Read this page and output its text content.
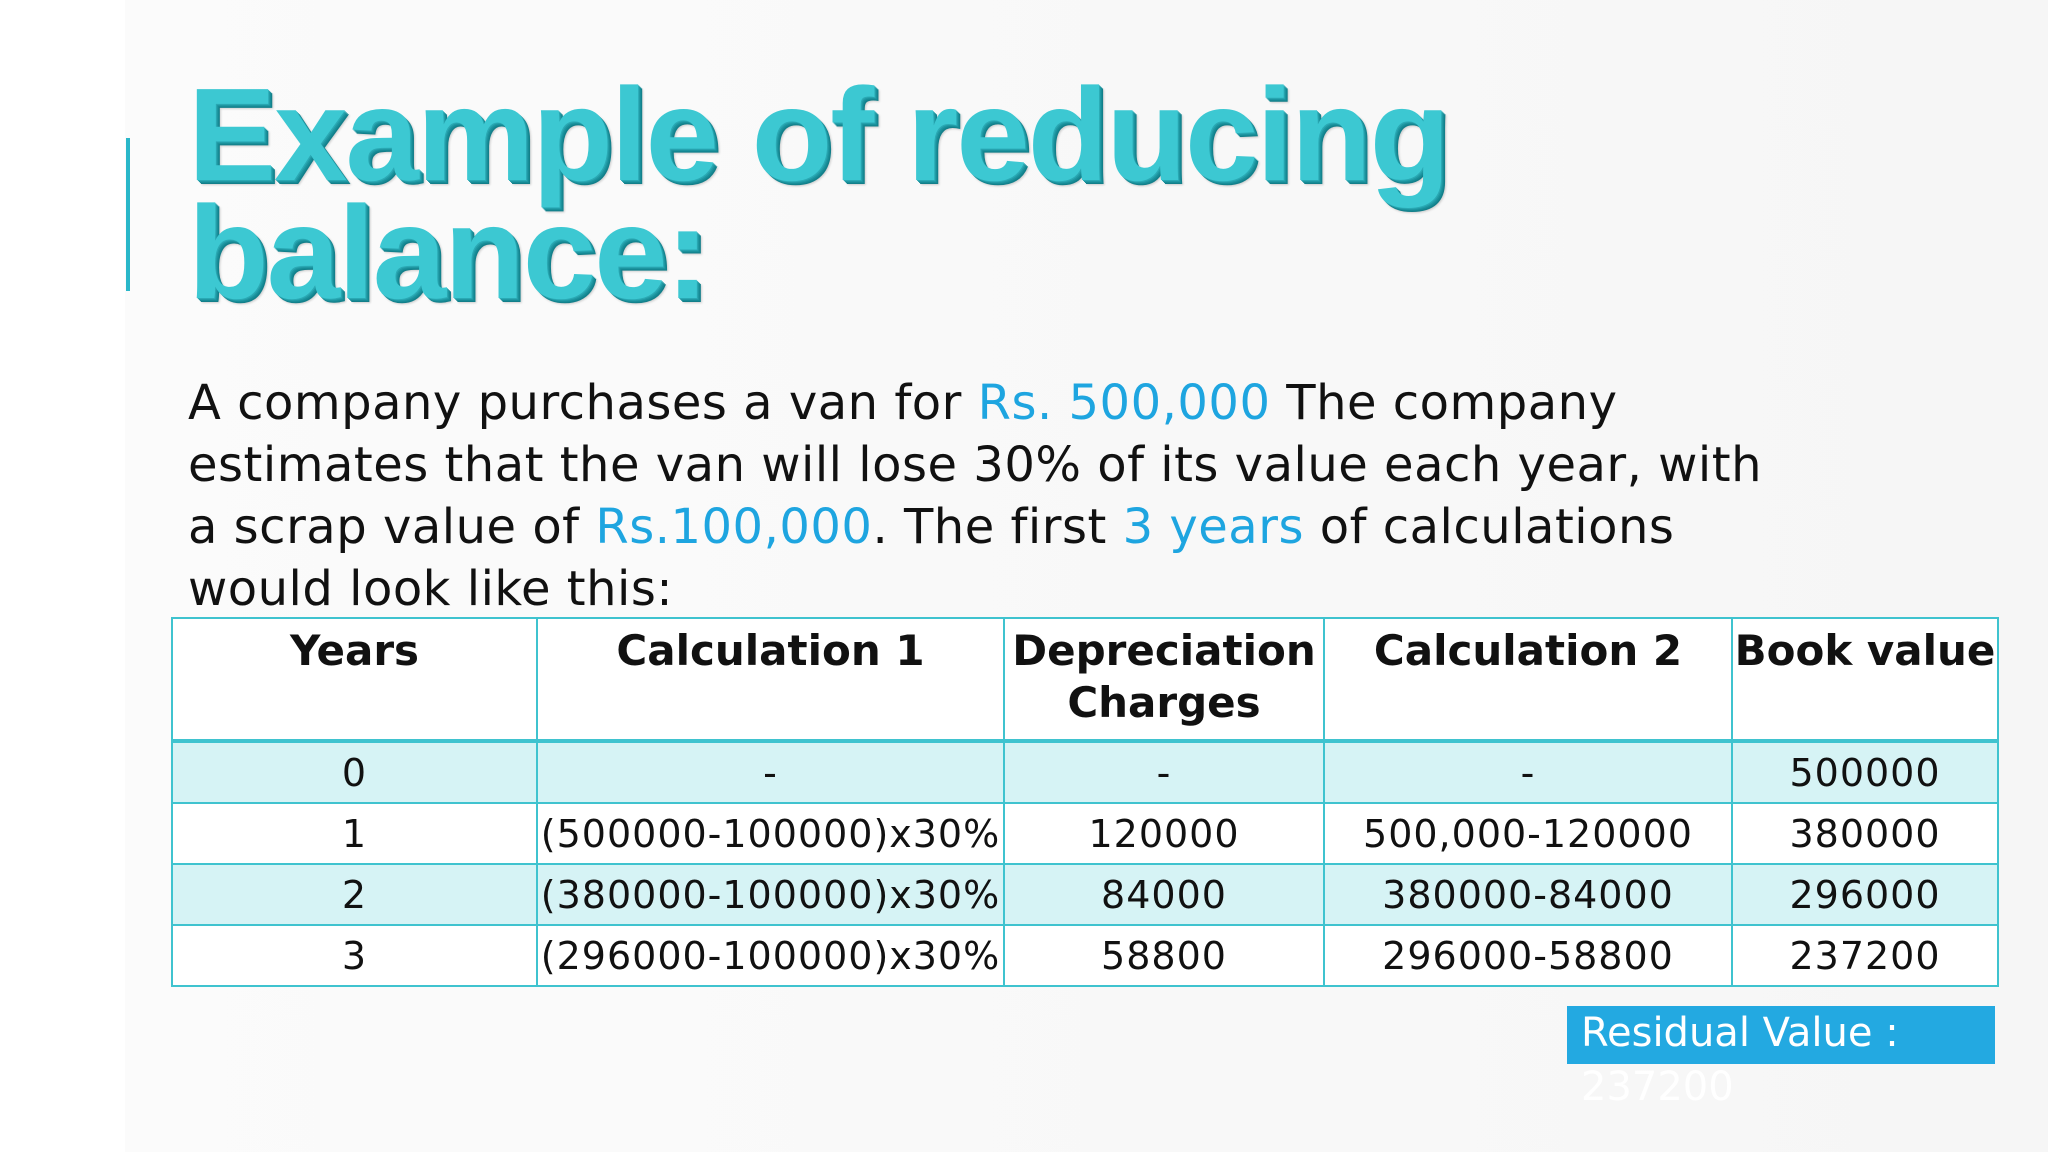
Example of reducing
balance:

A company purchases a van for Rs. 500,000 The company estimates that the van will lose 30% of its value each year, with a scrap value of Rs.100,000. The first 3 years of calculations would look like this:

Years	Calculation 1	Depreciation Charges	Calculation 2	Book value
0	-	-	-	500000
1	(500000-100000)x30%	120000	500,000-120000	380000
2	(380000-100000)x30%	84000	380000-84000	296000
3	(296000-100000)x30%	58800	296000-58800	237200
Residual Value :
237200
